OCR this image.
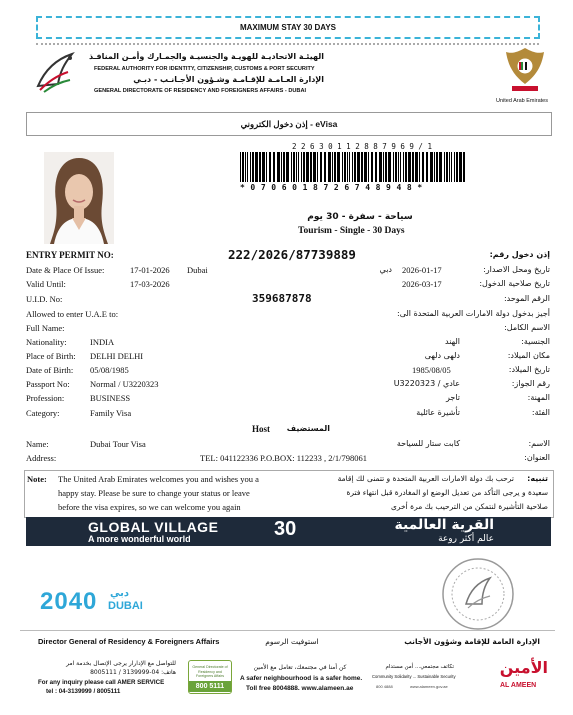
MAXIMUM STAY 30 DAYS
الهيئـة الاتحاديـة للهويـة والجنسيـة والجمـارك وأمـن المنافـذ
FEDERAL AUTHORITY FOR IDENTITY, CITIZENSHIP, CUSTOMS & PORT SECURITY
الإدارة العـامـة للإقـامـة وشـؤون الأجـانـب - دبـي
GENERAL DIRECTORATE OF RESIDENCY AND FOREIGNERS AFFAIRS - DUBAI
United Arab Emirates
إذن دخول الكتروني - eVisa
2 2 6 3 0 1 1 2 8 8 7 9 6 9 / 1
* 0 7 0 6 0 1 8 7 2 6 7 4 8 9 4 8 *
سياحة - سفرة - 30 يوم
Tourism - Single - 30 Days
ENTRY PERMIT NO:	222/2026/87739889	إذن دخول رقم:
Date & Place Of Issue:	17-01-2026 Dubai	دبي 2026-01-17	تاريخ ومحل الاصدار:
Valid Until:	17-03-2026	2026-03-17	تاريخ صلاحية الدخول:
U.I.D. No:	359687878	الرقم الموحد:
Allowed to enter U.A.E to:	أجيز بدخول دولة الامارات العربية المتحدة الى:
Full Name:	الاسم الكامل:
Nationality:	INDIA	الهند	الجنسية:
Place of Birth: DELHI DELHI	دلهى دلهى	مكان الميلاد:
Date of Birth: 05/08/1985	1985/08/05	تاريخ الميلاد:
Passport No: Normal / U3220323	عادي / U3220323	رقم الجواز:
Profession:	BUSINESS	تاجر	المهنة:
Category:	Family Visa	تأشيرة عائلية	الفئة:
Host	المستضيف
Name:	Dubai Tour Visa	كابت ستار للسياحة	الاسم:
Address:	TEL: 041122336 P.O.BOX: 112233 , 2/1/798061	العنوان:
Note: The United Arab Emirates welcomes you and wishes you a
happy stay. Please be sure to change your status or leave
before the visa expires, so we can welcome you again
تنبيه:
ترحب بك دولة الامارات العربية المتحدة و تتمنى لك إقامة
سعيدة و يرجى التأكد من تعديل الوضع او المغادرة قبل انتهاء فترة
صلاحية التأشيرة لنتمكن من الترحيب بك مرة أخرى
GLOBAL VILLAGE
A more wonderful world	30	القرية العالمية
عالم أكثر روعة
2040 دبي
DUBAI
Director General of Residency & Foreigners Affairs	استوفيت الرسوم	الإدارة العامة للإقامة وشؤون الأجانب
للتواصل مع الإدارار يرجى الإتصال بخدمة امر
هاتف: 04-3139999 / 8005111
For any inquiry please call AMER SERVICE
tel : 04-3139999 / 8005111
General Directorate of Residency and Foreigners Affairs
800 5111
كن أمنا في مجتمعك، تعامل مع الأمين
A safer neighbourhood is a safer home.
Toll free 8004888. www.alameen.ae
تكاتف مجتمعي... أمن مستدام
Community Solidarity ... Sustainable Security
800 4888	www.alameen.gov.ae
الأمين
AL AMEEN
